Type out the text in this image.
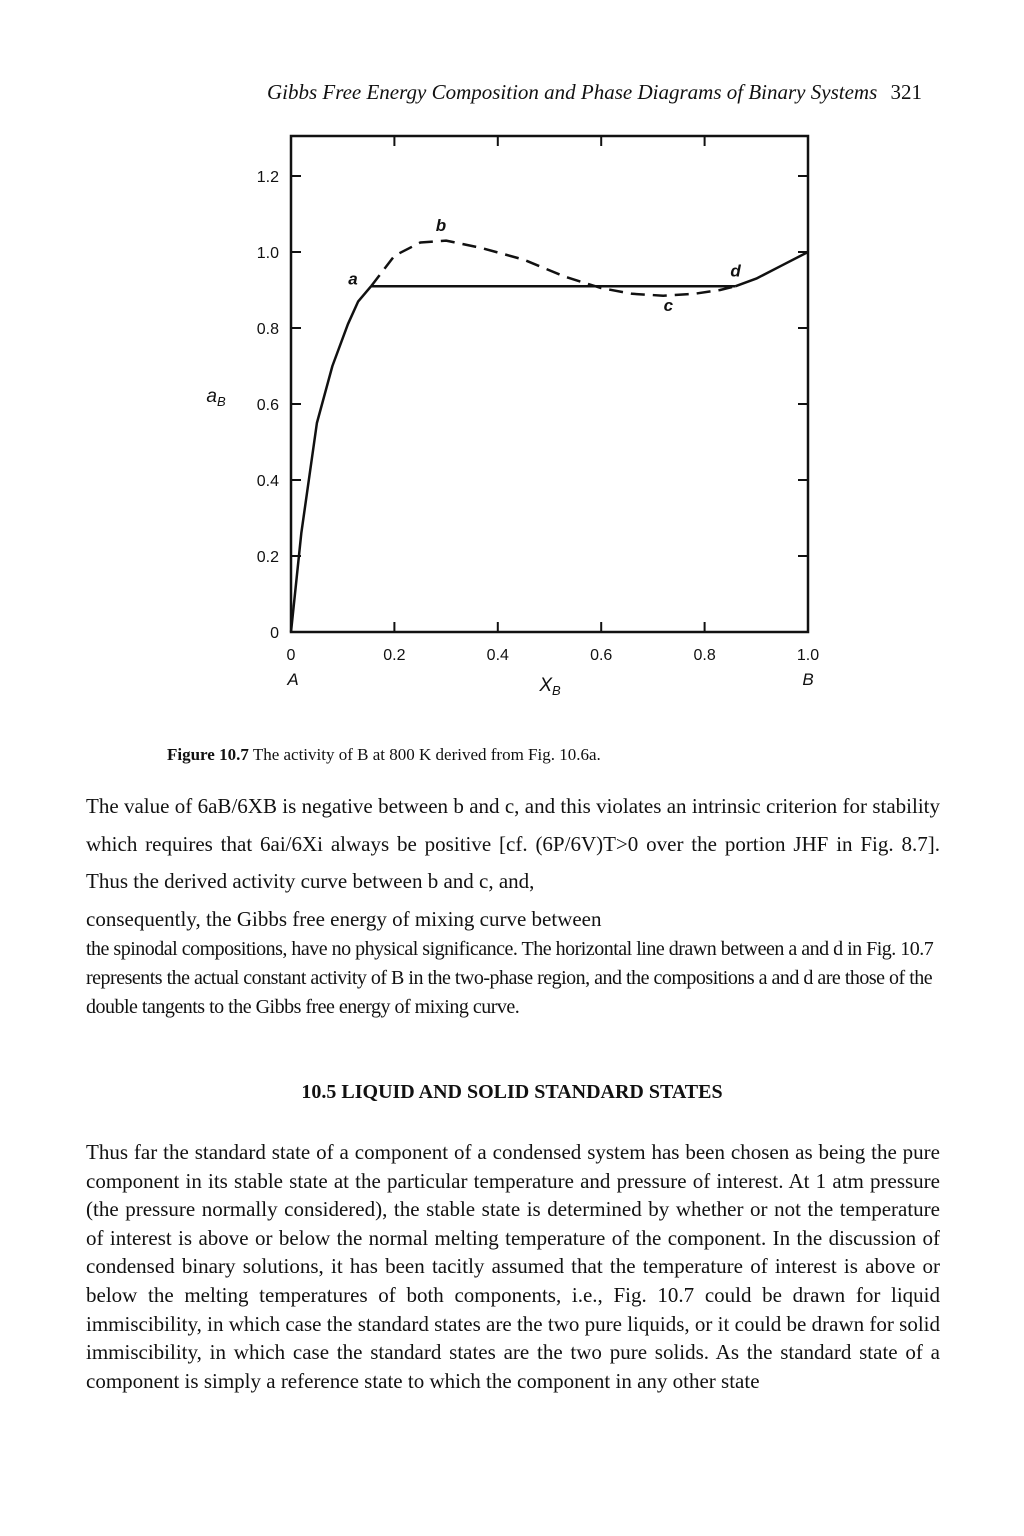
Gibbs Free Energy Composition and Phase Diagrams of Binary Systems 321
0	0.2	0.4	0.6	0.8	1.0
0
0.2
0.4
0.6
0.8
1.0
1.2
a
b
c
d
$a_B$
$X_B$
A	B
Figure 10.7 The activity of B at 800 K derived from Fig. 10.6a.
The value of 6aB/6XB is negative between b and c, and this violates an intrinsic criterion for stability which requires that 6ai/6Xi always be positive [cf. (6P/6V)T>0 over the portion JHF in Fig. 8.7]. Thus the derived activity curve between b and c, and,
consequently, the Gibbs free energy of mixing curve between
the spinodal compositions, have no physical significance. The horizontal line drawn between a and d in Fig. 10.7 represents the actual constant activity of B in the two-phase region, and the compositions a and d are those of the double tangents to the Gibbs free energy of mixing curve.
10.5 LIQUID AND SOLID STANDARD STATES
Thus far the standard state of a component of a condensed system has been chosen as being the pure component in its stable state at the particular temperature and pressure of interest. At 1 atm pressure (the pressure normally considered), the stable state is determined by whether or not the temperature of interest is above or below the normal melting temperature of the component. In the discussion of condensed binary solutions, it has been tacitly assumed that the temperature of interest is above or below the melting temperatures of both components, i.e., Fig. 10.7 could be drawn for liquid immiscibility, in which case the standard states are the two pure liquids, or it could be drawn for solid immiscibility, in which case the standard states are the two pure solids. As the standard state of a component is simply a reference state to which the component in any other state
